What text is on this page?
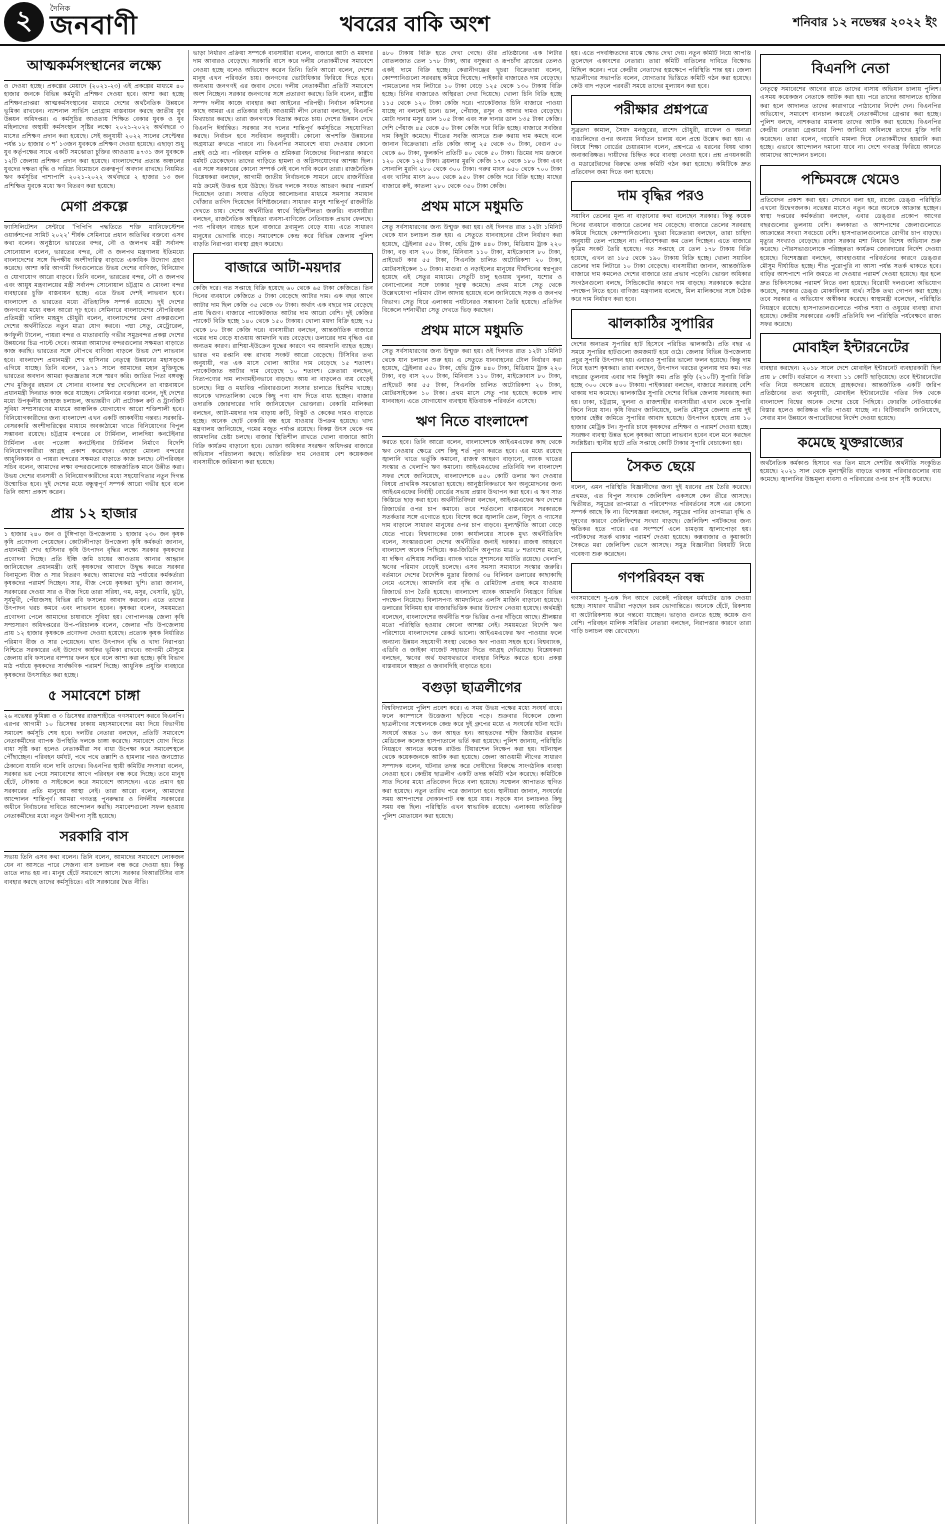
২	দৈনিক
জনবাণী	খবরের বাকি অংশ	শনিবার ১২ নভেম্বর ২০২২ ইং
আত্মকর্মসংস্থানের লক্ষ্যে

ও দেওয়া হচ্ছে। প্রকল্পের মেয়াদে (২০২১-২৩) এই প্রকল্পের মাধ্যমে ৪০ হাজার জনকে বিভিন্ন কর্মমুখী প্রশিক্ষণ দেওয়া হবে। আশা করা হচ্ছে প্রশিক্ষণপ্রাপ্তরা আত্মকর্মসংস্থানের মাধ্যমে দেশের অর্থনৈতিক উন্নয়নে ভূমিকা রাখবেন। ন্যাশনাল সার্ভিস প্রোগ্রাম বাস্তবায়ন করছে জাতীয় যুব উন্নয়ন অধিদপ্তর। এ কর্মসূচির আওতায় শিক্ষিত বেকার যুবক ও যুব মহিলাদের অস্থায়ী কর্মসংস্থান সৃষ্টির লক্ষ্যে ২০২১-২০২২ অর্থবছরে ৩ মাসের প্রশিক্ষণ প্রদান করা হয়েছে। সেই অনুযায়ী ২০২২ সালের সেপ্টেম্বর পর্যন্ত ১৮ হাজার ৩ শ' ১৩জন যুবককে প্রশিক্ষণ দেওয়া হয়েছে। এছাড়া শুধু যুব কর্তৃপক্ষের সাথে একটি সমঝোতা চুক্তির আওতায় ৪৭৩১ জন যুবককে ১২টি জেলায় প্রশিক্ষণ প্রদান করা হয়েছে। বাংলাদেশের প্রত্যন্ত অঞ্চলের যুবদের দক্ষতা বৃদ্ধি ও দারিদ্র্য বিমোচনে গুরুত্বপূর্ণ অবদান রাখছে। নিয়মিত ঋণ কর্মসূচির পাশাপাশি ২০২১-২০২২ অর্থবছরে ২ হাজার ১৩ জন প্রশিক্ষিত যুবকে মধ্যে ঋণ বিতরণ করা হয়েছে।

মেগা প্রকল্পে

ফ্যাসিলিটেশন সেন্টারে 'পিপিপি পদ্ধতিতে শক্তি ম্যানিফেস্টেশন ওয়ার্কশপের সামিট ২০২২' শীর্ষক সেমিনারে প্রধান অতিথির বক্তব্যে এসব কথা বলেন। অনুষ্ঠানে ভারতের বন্দর, নৌ ও জলপথ মন্ত্রী সর্বানন্দ সোনোয়াল বলেন, ভারতের বন্দর, নৌ ও জলপথ মন্ত্রণালয় ইতিমধ্যে বাংলাদেশের সঙ্গে দ্বিপক্ষীয় অংশীদারিত্ব বাড়াতে একাধিক উদ্যোগ গ্রহণ করেছে। আশা করি আগামী দিনগুলোতে উভয় দেশের বাণিজ্য, বিনিয়োগ ও যোগাযোগ আরো বাড়বে। তিনি বলেন, ভারতের বন্দর, নৌ ও জলপথ এবং আয়ুষ মন্ত্রণালয়ের মন্ত্রী সর্বানন্দ সোনোয়াল চট্টগ্রাম ও মোংলা বন্দর ব্যবহারের চুক্তি বাস্তবায়ন হচ্ছে। এতে উভয় দেশই লাভবান হবে। বাংলাদেশ ও ভারতের মধ্যে ঐতিহাসিক সম্পর্ক রয়েছে। দুই দেশের জনগণের মধ্যে বন্ধন আরো দৃঢ় হবে। সেমিনারে বাংলাদেশের নৌপরিবহন প্রতিমন্ত্রী খালিদ মাহমুদ চৌধুরী বলেন, বাংলাদেশের মেগা প্রকল্পগুলো দেশের অর্থনীতিতে নতুন মাত্রা যোগ করবে। পদ্মা সেতু, মেট্রোরেল, কর্ণফুলী টানেল, পায়রা বন্দর ও মাতারবাড়ি গভীর সমুদ্রবন্দর প্রকল্প দেশের উন্নয়নের চিত্র পাল্টে দেবে। আমরা আমাদের বন্দরগুলোর সক্ষমতা বাড়াতে কাজ করছি। ভারতের সঙ্গে নৌপথে বাণিজ্য বাড়লে উভয় দেশ লাভবান হবে। বাংলাদেশ প্রধানমন্ত্রী শেখ হাসিনার নেতৃত্বে উন্নয়নের মহাসড়কে এগিয়ে যাচ্ছে। তিনি বলেন, ১৯৭১ সালে আমাদের মহান মুক্তিযুদ্ধে ভারতের অবদান আমরা কৃতজ্ঞতার সঙ্গে স্মরণ করি। জাতির পিতা বঙ্গবন্ধু শেখ মুজিবুর রহমান যে সোনার বাংলার স্বপ্ন দেখেছিলেন তা বাস্তবায়নে প্রধানমন্ত্রী দিনরাত কাজ করে যাচ্ছেন। সেমিনারে বক্তারা বলেন, দুই দেশের মধ্যে উপকূলীয় জাহাজ চলাচল, অভ্যন্তরীণ নৌ প্রটোকল রুট ও ট্রানজিট সুবিধা সম্প্রসারণের মাধ্যমে আঞ্চলিক যোগাযোগ আরো শক্তিশালী হবে। বিনিয়োগকারীদের জন্য বাংলাদেশ এখন একটি আকর্ষণীয় গন্তব্য। সরকারি-বেসরকারি অংশীদারিত্বের মাধ্যমে অবকাঠামো খাতে বিনিয়োগের বিপুল সম্ভাবনা রয়েছে। চট্টগ্রাম বন্দরের বে টার্মিনাল, লালদিয়া কনটেইনার টার্মিনাল এবং পতেঙ্গা কনটেইনার টার্মিনাল নির্মাণে বিদেশি বিনিয়োগকারীরা আগ্রহ প্রকাশ করেছেন। এছাড়া মোংলা বন্দরের আধুনিকায়ন ও পায়রা বন্দরের সক্ষমতা বাড়াতে কাজ চলছে। নৌপরিবহন সচিব বলেন, আমাদের লক্ষ্য বন্দরগুলোকে আন্তর্জাতিক মানে উন্নীত করা। উভয় দেশের ব্যবসায়ী ও বিনিয়োগকারীদের মধ্যে সহযোগিতার নতুন দিগন্ত উন্মোচিত হবে। দুই দেশের মধ্যে বন্ধুত্বপূর্ণ সম্পর্ক আরো গভীর হবে বলে তিনি আশা প্রকাশ করেন।

প্রায় ১২ হাজার

১ হাজার ২৪০ জন ও টুঙ্গিপাড়া উপজেলায় ১ হাজার ২৩০ জন কৃষক কৃষি প্রণোদনা পেয়েছেন। কোটালীপাড়া উপজেলা কৃষি কর্মকর্তা জানান, প্রধানমন্ত্রী শেখ হাসিনার কৃষি উৎপাদন বৃদ্ধির লক্ষ্যে সরকার কৃষকদের প্রণোদনা দিচ্ছে। প্রতি ইঞ্চি জমি চাষের আওতায় আনার আহ্বান জানিয়েছেন প্রধানমন্ত্রী। তাই কৃষকদের আবাদে উদ্বুদ্ধ করতে সরকার বিনামূল্যে বীজ ও সার বিতরণ করছে। আমাদের মাঠ পর্যায়ের কর্মকর্তারা কৃষকদের পরামর্শ দিচ্ছেন। সার, বীজ পেয়ে কৃষকরা খুশি। তারা জানান, সরকারের দেওয়া সার ও বীজ দিয়ে তারা সরিষা, গম, মসুর, খেসারি, ভুট্টা, সূর্যমুখী, পেঁয়াজসহ বিভিন্ন রবি ফসলের আবাদ করবেন। এতে তাদের উৎপাদন খরচ কমবে এবং লাভবান হবেন। কৃষকরা বলেন, সময়মতো প্রণোদনা পেলে আমাদের চাষাবাদে সুবিধা হয়। গোপালগঞ্জ জেলা কৃষি সম্প্রসারণ অধিদপ্তরের উপ-পরিচালক বলেন, জেলার পাঁচ উপজেলায় প্রায় ১২ হাজার কৃষককে প্রণোদনা দেওয়া হয়েছে। প্রত্যেক কৃষক নির্ধারিত পরিমাণ বীজ ও সার পেয়েছেন। খাদ্য উৎপাদন বৃদ্ধি ও খাদ্য নিরাপত্তা নিশ্চিতে সরকারের এই উদ্যোগ কার্যকর ভূমিকা রাখবে। আগামী মৌসুমে জেলায় রবি ফসলের বাম্পার ফলন হবে বলে আশা করা হচ্ছে। কৃষি বিভাগ মাঠ পর্যায়ে কৃষকদের সার্বক্ষণিক পরামর্শ দিচ্ছে। আধুনিক প্রযুক্তি ব্যবহারে কৃষকদের উৎসাহিত করা হচ্ছে।

৫ সমাবেশে চাঙ্গা

২৬ নভেম্বর কুমিল্লা ও ৩ ডিসেম্বর রাজশাহীতে গণসমাবেশ করবে বিএনপি। এরপর আগামী ১০ ডিসেম্বর ঢাকায় মহাসমাবেশের মধ্য দিয়ে বিভাগীয় সমাবেশ কর্মসূচি শেষ হবে। দলটির নেতারা বলছেন, প্রতিটি সমাবেশে নেতাকর্মীদের ব্যাপক উপস্থিতি দলকে চাঙ্গা করেছে। সমাবেশে যোগ দিতে বাধা সৃষ্টি করা হলেও নেতাকর্মীরা সব বাধা উপেক্ষা করে সমাবেশস্থলে পৌঁছাচ্ছেন। পরিবহন ধর্মঘট, পথে পথে তল্লাশি ও হামলার পরও জনস্রোত ঠেকানো যায়নি বলে দাবি তাদের। বিএনপির স্থায়ী কমিটির সদস্যরা বলেন, সরকার ভয় পেয়ে সমাবেশের আগে পরিবহন বন্ধ করে দিচ্ছে। তবে মানুষ হেঁটে, নৌকায় ও সাইকেলে করে সমাবেশে আসছেন। এতে প্রমাণ হয় সরকারের প্রতি মানুষের আস্থা নেই। তারা আরো বলেন, আমাদের আন্দোলন শান্তিপূর্ণ। আমরা গণতন্ত্র পুনরুদ্ধার ও নির্দলীয় সরকারের অধীনে নির্বাচনের দাবিতে আন্দোলন করছি। সমাবেশগুলো সফল হওয়ায় নেতাকর্মীদের মধ্যে নতুন উদ্দীপনা সৃষ্টি হয়েছে।

সরকারি বাস

সভায় তিনি এসব কথা বলেন। তিনি বলেন, আমাদের সমাবেশে লোকজন যেন না আসতে পারে সেজন্য বাস চলাচল বন্ধ করে দেওয়া হয়। কিন্তু তাতে লাভ হয় না। মানুষ হেঁটে সমাবেশে আসে। সরকার বিআরটিসির বাস ব্যবহার করছে তাদের কর্মসূচিতে। এটা সরকারের দ্বৈত নীতি।

ভাড়া নির্ধারণ প্রক্রিয়া সম্পর্কে ব্যবসায়ীরা বলেন, বাজারে আটা ও ময়দার দাম আবারও বেড়েছে। সরকারি বাসে করে দলীয় নেতাকর্মীদের সমাবেশে নেওয়া হচ্ছে বলেও অভিযোগ করেন তিনি। তিনি আরো বলেন, দেশের মানুষ এখন পরিবর্তন চায়। জনগণের ভোটাধিকার ফিরিয়ে দিতে হবে। অন্যথায় জনগণই এর জবাব দেবে। দলীয় নেতাকর্মীরা প্রতিটি সমাবেশে অংশ নিচ্ছেন। সরকার জনগণের সঙ্গে প্রতারণা করছে। তিনি বলেন, রাষ্ট্রীয় সম্পদ দলীয় কাজে ব্যবহার করা আইনের পরিপন্থী। নির্বাচন কমিশনের কাছে আমরা এর প্রতিকার চাই। আওয়ামী লীগ নেতারা বলছেন, বিএনপি মিথ্যাচার করছে। তারা জনগণকে বিভ্রান্ত করতে চায়। দেশের উন্নয়ন দেখে বিএনপি ঈর্ষান্বিত। সরকার সব দলের শান্তিপূর্ণ কর্মসূচিতে সহযোগিতা করছে। নির্বাচন হবে সংবিধান অনুযায়ী। কোনো অপশক্তি উন্নয়নের অগ্রযাত্রা রুখতে পারবে না। বিএনপির সমাবেশে বাধা দেওয়ার কোনো প্রশ্নই ওঠে না। পরিবহন মালিক ও শ্রমিকরা নিজেদের নিরাপত্তার কারণে ধর্মঘট ডেকেছেন। তাদের গাড়িতে হামলা ও অগ্নিসংযোগের আশঙ্কা ছিল। এর সঙ্গে সরকারের কোনো সম্পর্ক নেই বলে দাবি করেন তারা। রাজনৈতিক বিশ্লেষকরা বলছেন, আগামী জাতীয় নির্বাচনকে সামনে রেখে রাজনীতির মাঠ ক্রমেই উত্তপ্ত হয়ে উঠছে। উভয় দলকে সংযত আচরণ করার পরামর্শ দিয়েছেন তারা। সংঘাত এড়িয়ে আলোচনার মাধ্যমে সমস্যার সমাধান খোঁজার তাগিদ দিয়েছেন বিশিষ্টজনেরা। সাধারণ মানুষ শান্তিপূর্ণ রাজনীতি দেখতে চায়। দেশের অর্থনীতির স্বার্থে স্থিতিশীলতা জরুরি। ব্যবসায়ীরা বলছেন, রাজনৈতিক অস্থিরতা ব্যবসা-বাণিজ্যে নেতিবাচক প্রভাব ফেলছে। পণ্য পরিবহন ব্যাহত হলে বাজারে দ্রব্যমূল্য বেড়ে যায়। এতে সাধারণ মানুষের ভোগান্তি বাড়ে। সমাবেশকে কেন্দ্র করে বিভিন্ন জেলায় পুলিশ বাড়তি নিরাপত্তা ব্যবস্থা গ্রহণ করেছে।

বাজারে আটা-ময়দার

কেজি দরে। গত সপ্তাহে বিক্রি হয়েছে ৬০ থেকে ৬৫ টাকা কেজিতে। তিন দিনের ব্যবধানে কেজিতে ৫ টাকা বেড়েছে আটার দাম। এক বছর আগে আটার দাম ছিল কেজি ৩৫ থেকে ৩৮ টাকা। অর্থাৎ এক বছরে দাম বেড়েছে প্রায় দ্বিগুণ। বাজারে প্যাকেটজাত আটার দাম আরো বেশি। দুই কেজির প্যাকেট বিক্রি হচ্ছে ১৪০ থেকে ১৫০ টাকায়। খোলা ময়দা বিক্রি হচ্ছে ৭৫ থেকে ৮০ টাকা কেজি দরে। ব্যবসায়ীরা বলছেন, আন্তর্জাতিক বাজারে গমের দাম বেড়ে যাওয়ায় আমদানি খরচ বেড়েছে। ডলারের দাম বৃদ্ধিও এর অন্যতম কারণ। রাশিয়া-ইউক্রেন যুদ্ধের কারণে গম আমদানি ব্যাহত হচ্ছে। ভারত গম রপ্তানি বন্ধ রাখায় সংকট আরো বেড়েছে। টিসিবির তথ্য অনুযায়ী, গত এক মাসে খোলা আটার দাম বেড়েছে ১৫ শতাংশ। প্যাকেটজাত আটার দাম বেড়েছে ১০ শতাংশ। ক্রেতারা বলছেন, নিত্যপণ্যের দাম লাগামহীনভাবে বাড়ছে। আয় না বাড়লেও ব্যয় বেড়েই চলেছে। নিম্ন ও মধ্যবিত্ত পরিবারগুলো সংসার চালাতে হিমশিম খাচ্ছে। অনেকে খাদ্যতালিকা থেকে কিছু পণ্য বাদ দিতে বাধ্য হচ্ছেন। বাজার তদারকি জোরদারের দাবি জানিয়েছেন ভোক্তারা। বেকারি মালিকরা বলছেন, আটা-ময়দার দাম বাড়ায় রুটি, বিস্কুট ও কেকের দামও বাড়াতে হচ্ছে। অনেক ছোট বেকারি বন্ধ হয়ে যাওয়ার উপক্রম হয়েছে। খাদ্য মন্ত্রণালয় জানিয়েছে, গমের মজুত পর্যাপ্ত রয়েছে। বিকল্প উৎস থেকে গম আমদানির চেষ্টা চলছে। বাজার স্থিতিশীল রাখতে খোলা বাজারে আটা বিক্রি কার্যক্রম বাড়ানো হবে। ভোক্তা অধিকার সংরক্ষণ অধিদপ্তর বাজারে অভিযান পরিচালনা করছে। অতিরিক্ত দাম নেওয়ায় বেশ কয়েকজন ব্যবসায়ীকে জরিমানা করা হয়েছে।

৪৮০ টাকায় বিক্রি হতে দেখা গেছে। তীর প্রতিষ্ঠানের এক লিটার বোতলজাত তেল ১৭৮ টাকা, আর বসুন্ধরা ও রূপচাঁদা ব্র্যান্ডের তেলও একই দামে বিক্রি হচ্ছে। কেরানীগঞ্জের খুচরা বিক্রেতারা বলেন, কোম্পানিগুলো সরবরাহ কমিয়ে দিয়েছে। পাইকারি বাজারেও দাম বেড়েছে। পামতেলের দাম লিটারে ১০ টাকা বেড়ে ১২৫ থেকে ১৩০ টাকায় বিক্রি হচ্ছে। চিনির বাজারেও অস্থিরতা দেখা দিয়েছে। খোলা চিনি বিক্রি হচ্ছে ১১৫ থেকে ১২০ টাকা কেজি দরে। প্যাকেটজাত চিনি বাজারে পাওয়া যাচ্ছে না বললেই চলে। ডাল, পেঁয়াজ, রসুন ও আদার দামও বেড়েছে। মোটা দানার মসুর ডাল ১০৫ টাকা এবং সরু দানার ডাল ১৩৫ টাকা কেজি। দেশি পেঁয়াজ ৪৫ থেকে ৫০ টাকা কেজি দরে বিক্রি হচ্ছে। বাজারে সবজির দাম কিছুটা কমেছে। শীতের সবজি আসতে শুরু করায় দাম কমছে বলে জানান বিক্রেতারা। প্রতি কেজি আলু ২৫ থেকে ৩০ টাকা, বেগুন ৫০ থেকে ৬০ টাকা, ফুলকপি প্রতিটি ৪০ থেকে ৫০ টাকা। ডিমের দাম ডজনে ১২০ থেকে ১২৫ টাকা। ব্রয়লার মুরগি কেজি ১৭০ থেকে ১৮০ টাকা এবং সোনালি মুরগি ২৮০ থেকে ৩০০ টাকা। গরুর মাংস ৬৫০ থেকে ৭০০ টাকা এবং খাসির মাংস ৯০০ থেকে ৯৫০ টাকা কেজি দরে বিক্রি হচ্ছে। মাছের বাজারে রুই, কাতলা ২৮০ থেকে ৩৫০ টাকা কেজি।

প্রথম মাসে মধুমতি

সেতু সর্বসাধারণের জন্য উন্মুক্ত করা হয়। ওই দিনগত রাত ১২টা ১মিনিট থেকে যান চলাচল শুরু হয়। এ সেতুতে যানবাহনের টোল নির্ধারণ করা হয়েছে, ট্রেইলার ৫৫০ টাকা, হেভি ট্রাক ৪৪০ টাকা, মিডিয়াম ট্রাক ২২০ টাকা, বড় বাস ২০০ টাকা, মিনিবাস ১১০ টাকা, মাইক্রোবাস ৮০ টাকা, প্রাইভেট কার ৫৫ টাকা, সিএনজি চালিত অটোরিকশা ২০ টাকা, মোটরসাইকেল ১০ টাকা। মাগুরা ও নড়াইলের মানুষের দীর্ঘদিনের স্বপ্নপূরণ হয়েছে এই সেতুর মাধ্যমে। সেতুটি চালু হওয়ায় খুলনা, যশোর ও বেনাপোলের সঙ্গে ঢাকার দূরত্ব কমেছে। প্রথম মাসে সেতু থেকে উল্লেখযোগ্য পরিমাণ টোল আদায় হয়েছে বলে জানিয়েছে সড়ক ও জনপথ বিভাগ। সেতু ঘিরে এলাকায় পর্যটনেরও সম্ভাবনা তৈরি হয়েছে। প্রতিদিন বিকেলে দর্শনার্থীরা সেতু দেখতে ভিড় করছেন।

প্রথম মাসে মধুমতি

সেতু সর্বসাধারণের জন্য উন্মুক্ত করা হয়। ওই দিনগত রাত ১২টা ১মিনিট থেকে যান চলাচল শুরু হয়। এ সেতুতে যানবাহনের টোল নির্ধারণ করা হয়েছে, ট্রেইলার ৫৫০ টাকা, হেভি ট্রাক ৪৪০ টাকা, মিডিয়াম ট্রাক ২২০ টাকা, বড় বাস ২০০ টাকা, মিনিবাস ১১০ টাকা, মাইক্রোবাস ৮০ টাকা, প্রাইভেট কার ৫৫ টাকা, সিএনজি চালিত অটোরিকশা ২০ টাকা, মোটরসাইকেল ১০ টাকা। প্রথম মাসে সেতু পার হয়েছে কয়েক লাখ যানবাহন। এতে যোগাযোগ ব্যবস্থায় ইতিবাচক পরিবর্তন এসেছে।

ঋণ নিতে বাংলাদেশ

করতে হবে। তিনি আরো বলেন, বাংলাদেশকে আইএমএফের কাছ থেকে ঋণ নেওয়ার ক্ষেত্রে বেশ কিছু শর্ত পূরণ করতে হবে। এর মধ্যে রয়েছে জ্বালানি খাতে ভর্তুকি কমানো, রাজস্ব আহরণ বাড়ানো, ব্যাংক খাতের সংস্কার ও খেলাপি ঋণ কমানো। আইএমএফের প্রতিনিধি দল বাংলাদেশ সফর শেষে জানিয়েছে, বাংলাদেশকে ৪৫০ কোটি ডলার ঋণ দেওয়ার বিষয়ে প্রাথমিক সমঝোতা হয়েছে। আনুষ্ঠানিকভাবে ঋণ অনুমোদনের জন্য আইএমএফের নির্বাহী বোর্ডের সভায় প্রস্তাব উত্থাপন করা হবে। এ ঋণ সাত কিস্তিতে ছাড় করা হবে। অর্থনীতিবিদরা বলছেন, আইএমএফের ঋণ দেশের রিজার্ভের ওপর চাপ কমাবে। তবে শর্তগুলো বাস্তবায়নে সরকারকে সতর্কতার সঙ্গে এগোতে হবে। বিশেষ করে জ্বালানি তেল, বিদ্যুৎ ও গ্যাসের দাম বাড়ালে সাধারণ মানুষের ওপর চাপ বাড়বে। মূল্যস্ফীতি আরো বেড়ে যেতে পারে। বিশ্বব্যাংকের ঢাকা কার্যালয়ের সাবেক মুখ্য অর্থনীতিবিদ বলেন, সংস্কারগুলো দেশের অর্থনীতির জন্যই দরকার। রাজস্ব আহরণে বাংলাদেশ অনেক পিছিয়ে। কর-জিডিপি অনুপাত মাত্র ৮ শতাংশের মতো, যা দক্ষিণ এশিয়ায় সর্বনিম্ন। ব্যাংক খাতে সুশাসনের ঘাটতি রয়েছে। খেলাপি ঋণের পরিমাণ বেড়েই চলেছে। এসব সমস্যা সমাধানে সংস্কার জরুরি। বর্তমানে দেশের বৈদেশিক মুদ্রার রিজার্ভ ৩৪ বিলিয়ন ডলারের কাছাকাছি নেমে এসেছে। আমদানি ব্যয় বৃদ্ধি ও রেমিট্যান্স প্রবাহ কমে যাওয়ায় রিজার্ভে চাপ তৈরি হয়েছে। বাংলাদেশ ব্যাংক আমদানি নিয়ন্ত্রণে বিভিন্ন পদক্ষেপ নিয়েছে। বিলাসপণ্য আমদানিতে এলসি মার্জিন বাড়ানো হয়েছে। ডলারের বিনিময় হার বাজারভিত্তিক করার উদ্যোগ নেওয়া হয়েছে। অর্থমন্ত্রী বলেছেন, বাংলাদেশের অর্থনীতি শক্ত ভিত্তির ওপর দাঁড়িয়ে আছে। শ্রীলঙ্কার মতো পরিস্থিতি হওয়ার কোনো আশঙ্কা নেই। সময়মতো বিদেশি ঋণ পরিশোধে বাংলাদেশের রেকর্ড ভালো। আইএমএফের ঋণ পাওয়ার ফলে অন্যান্য উন্নয়ন সহযোগী সংস্থা থেকেও ঋণ পাওয়া সহজ হবে। বিশ্বব্যাংক, এডিবি ও জাইকা বাজেট সহায়তা দিতে আগ্রহ দেখিয়েছে। বিশ্লেষকরা বলছেন, ঋণের অর্থ যথাযথভাবে ব্যবহার নিশ্চিত করতে হবে। প্রকল্প বাস্তবায়নে স্বচ্ছতা ও জবাবদিহি বাড়াতে হবে।

বগুড়া ছাত্রলীগের

বিশ্ববিদ্যালয়ে পুলিশ প্রবেশ করে। এ সময় উভয় পক্ষের মধ্যে সংঘর্ষ বাধে। ফলে ক্যাম্পাসে উত্তেজনা ছড়িয়ে পড়ে। শুক্রবার বিকেলে জেলা ছাত্রলীগের সম্মেলনকে কেন্দ্র করে দুই গ্রুপের মধ্যে এ সংঘর্ষের ঘটনা ঘটে। সংঘর্ষে অন্তত ১০ জন আহত হন। আহতদের শহীদ জিয়াউর রহমান মেডিকেল কলেজ হাসপাতালে ভর্তি করা হয়েছে। পুলিশ জানায়, পরিস্থিতি নিয়ন্ত্রণে আনতে কয়েক রাউন্ড টিয়ারশেল নিক্ষেপ করা হয়। ঘটনাস্থল থেকে কয়েকজনকে আটক করা হয়েছে। জেলা আওয়ামী লীগের সাধারণ সম্পাদক বলেন, ঘটনার তদন্ত করে দোষীদের বিরুদ্ধে সাংগঠনিক ব্যবস্থা নেওয়া হবে। কেন্দ্রীয় ছাত্রলীগ একটি তদন্ত কমিটি গঠন করেছে। কমিটিকে সাত দিনের মধ্যে প্রতিবেদন দিতে বলা হয়েছে। সম্মেলন আপাতত স্থগিত করা হয়েছে। নতুন তারিখ পরে জানানো হবে। স্থানীয়রা জানান, সংঘর্ষের সময় আশপাশের দোকানপাট বন্ধ হয়ে যায়। সড়কে যান চলাচলও কিছু সময় বন্ধ ছিল। পরিস্থিতি এখন স্বাভাবিক রয়েছে। এলাকায় অতিরিক্ত পুলিশ মোতায়েন করা হয়েছে।

হয়। এতে পদবঞ্চিতদের মাঝে ক্ষোভ দেখা দেয়। নতুন কমিটি নিয়ে আপত্তি তুলেছেন একাংশের নেতারা। তারা কমিটি বাতিলের দাবিতে বিক্ষোভ মিছিল করেন। পরে কেন্দ্রীয় নেতাদের হস্তক্ষেপে পরিস্থিতি শান্ত হয়। জেলা ছাত্রলীগের সভাপতি বলেন, যোগ্যতার ভিত্তিতে কমিটি গঠন করা হয়েছে। কেউ বাদ পড়লে পরবর্তী সময়ে তাদের মূল্যায়ন করা হবে।

পরীক্ষার প্রশ্নপত্রে

সুব্রতদা কামাল, সৈয়দ মনজুরের, রাশেদ চৌধুরী, রাফেল ও অন্যরা বাঙালিদের ওপর অন্যায় নির্যাতন চালায় বলে প্রশ্নে উল্লেখ করা হয়। এ বিষয়ে শিক্ষা বোর্ডের চেয়ারম্যান বলেন, প্রশ্নপত্রে এ ধরনের বিষয় থাকা অনাকাঙ্ক্ষিত। দায়ীদের চিহ্নিত করে ব্যবস্থা নেওয়া হবে। প্রশ্ন প্রণয়নকারী ও মডারেটরদের বিরুদ্ধে তদন্ত কমিটি গঠন করা হয়েছে। কমিটিকে দ্রুত প্রতিবেদন জমা দিতে বলা হয়েছে।

দাম বৃদ্ধির পরও

সয়াবিন তেলের মূল্য না বাড়ানোর কথা বলেছেন সরকার। কিন্তু কয়েক দিনের ব্যবধানে বাজারে তেলের দাম বেড়েছে। বাজারে তেলের সরবরাহ কমিয়ে দিয়েছে কোম্পানিগুলো। খুচরা বিক্রেতারা বলছেন, তারা চাহিদা অনুযায়ী তেল পাচ্ছেন না। পরিবেশকরা কম তেল দিচ্ছেন। এতে বাজারে কৃত্রিম সংকট তৈরি হয়েছে। গত সপ্তাহে যে তেল ১৭৮ টাকায় বিক্রি হয়েছে, এখন তা ১৮৫ থেকে ১৯০ টাকায় বিক্রি হচ্ছে। খোলা সয়াবিন তেলের দাম লিটারে ১০ টাকা বেড়েছে। ব্যবসায়ীরা জানান, আন্তর্জাতিক বাজারে দাম কমলেও দেশের বাজারে তার প্রভাব পড়েনি। ভোক্তা অধিকার সংগঠনগুলো বলছে, সিন্ডিকেটের কারণে দাম বাড়ছে। সরকারকে কঠোর পদক্ষেপ নিতে হবে। বাণিজ্য মন্ত্রণালয় বলেছে, মিল মালিকদের সঙ্গে বৈঠক করে দাম নির্ধারণ করা হবে।

ঝালকাঠির সুপারির

দেশের অন্যতম সুপারির হাট হিসেবে পরিচিত ঝালকাঠি। প্রতি বছর এ সময়ে সুপারির হাটগুলো জমজমাট হয়ে ওঠে। জেলার বিভিন্ন উপজেলায় প্রচুর সুপারি উৎপাদন হয়। এবারও সুপারির ভালো ফলন হয়েছে। কিন্তু দাম নিয়ে হতাশ কৃষকরা। তারা বলছেন, উৎপাদন খরচের তুলনায় দাম কম। গত বছরের তুলনায় এবার দাম কিছুটা কম। প্রতি কুড়ি (২১০টি) সুপারি বিক্রি হচ্ছে ৩০০ থেকে ৪০০ টাকায়। পাইকাররা বলছেন, বাজারে সরবরাহ বেশি থাকায় দাম কমেছে। ঝালকাঠির সুপারি দেশের বিভিন্ন জেলায় সরবরাহ করা হয়। ঢাকা, চট্টগ্রাম, খুলনা ও রাজশাহীর ব্যবসায়ীরা এখান থেকে সুপারি কিনে নিয়ে যান। কৃষি বিভাগ জানিয়েছে, চলতি মৌসুমে জেলায় প্রায় দুই হাজার হেক্টর জমিতে সুপারির আবাদ হয়েছে। উৎপাদন হয়েছে প্রায় ১০ হাজার মেট্রিক টন। সুপারি চাষে কৃষকদের প্রশিক্ষণ ও পরামর্শ দেওয়া হচ্ছে। সংরক্ষণ ব্যবস্থা উন্নত হলে কৃষকরা আরো লাভবান হবেন বলে মনে করছেন সংশ্লিষ্টরা। স্থানীয় হাটে প্রতি সপ্তাহে কোটি টাকার সুপারি বেচাকেনা হয়।

সৈকত ছেয়ে

বলেন, এমন পরিস্থিতি বিজ্ঞানীদের জন্য দুই ধরনের প্রশ্ন তৈরি করেছে। প্রথমত, এত বিপুল সংখ্যক জেলিফিশ একসঙ্গে কেন তীরে আসছে। দ্বিতীয়ত, সমুদ্রের তাপমাত্রা ও পরিবেশগত পরিবর্তনের সঙ্গে এর কোনো সম্পর্ক আছে কি না। বিশেষজ্ঞরা বলছেন, সমুদ্রের পানির তাপমাত্রা বৃদ্ধি ও দূষণের কারণে জেলিফিশের সংখ্যা বাড়ছে। জেলিফিশ পর্যটকদের জন্য ক্ষতিকর হতে পারে। এর সংস্পর্শে এলে চামড়ায় জ্বালাপোড়া হয়। পর্যটকদের সতর্ক থাকার পরামর্শ দেওয়া হয়েছে। কক্সবাজার ও কুয়াকাটা সৈকতে মরা জেলিফিশ ভেসে আসছে। সমুদ্র বিজ্ঞানীরা বিষয়টি নিয়ে গবেষণা শুরু করেছেন।

গণপরিবহন বন্ধ

গণসমাবেশে দু-এক দিন আগে থেকেই পরিবহন ধর্মঘটের ডাক দেওয়া হচ্ছে। সাধারণ যাত্রীরা পড়ছেন চরম ভোগান্তিতে। অনেকে হেঁটে, রিকশায় বা অটোরিকশায় করে গন্তব্যে যাচ্ছেন। ভাড়াও গুনতে হচ্ছে কয়েক গুণ বেশি। পরিবহন মালিক সমিতির নেতারা বলছেন, নিরাপত্তার কারণে তারা গাড়ি চলাচল বন্ধ রেখেছেন।

বিএনপি নেতা

নেতৃত্বে সমাবেশের আগের রাতে তাদের বাসায় অভিযান চালায় পুলিশ। এসময় কয়েকজন নেতাকে আটক করা হয়। পরে তাদের আদালতে হাজির করা হলে আদালত তাদের কারাগারে পাঠানোর নির্দেশ দেন। বিএনপির অভিযোগ, সমাবেশ বানচাল করতেই নেতাকর্মীদের গ্রেপ্তার করা হচ্ছে। পুলিশ বলছে, নাশকতার মামলায় তাদের আটক করা হয়েছে। বিএনপির কেন্দ্রীয় নেতারা গ্রেপ্তারের নিন্দা জানিয়ে অবিলম্বে তাদের মুক্তি দাবি করেছেন। তারা বলেন, গায়েবি মামলা দিয়ে নেতাকর্মীদের হয়রানি করা হচ্ছে। এভাবে আন্দোলন দমানো যাবে না। দেশে গণতন্ত্র ফিরিয়ে আনতে আমাদের আন্দোলন চলবে।

পশ্চিমবঙ্গে থেমেও

প্রতিবেদন প্রকাশ করা হয়। সেখানে বলা হয়, রাজ্যে ডেঙ্গু পরিস্থিতি এখনো উদ্বেগজনক। নভেম্বর মাসেও নতুন করে অনেকে আক্রান্ত হচ্ছেন। স্বাস্থ্য দপ্তরের কর্মকর্তারা বলছেন, এবার ডেঙ্গুর প্রকোপ আগের বছরগুলোর তুলনায় বেশি। কলকাতা ও আশপাশের জেলাগুলোতে আক্রান্তের সংখ্যা সবচেয়ে বেশি। হাসপাতালগুলোতে রোগীর চাপ বাড়ছে। মৃত্যুর সংখ্যাও বেড়েছে। রাজ্য সরকার মশা নিধনে বিশেষ অভিযান শুরু করেছে। পৌরসভাগুলোকে পরিচ্ছন্নতা কার্যক্রম জোরদারের নির্দেশ দেওয়া হয়েছে। বিশেষজ্ঞরা বলছেন, আবহাওয়ার পরিবর্তনের কারণে ডেঙ্গুর মৌসুম দীর্ঘায়িত হচ্ছে। শীত পুরোপুরি না আসা পর্যন্ত সতর্ক থাকতে হবে। বাড়ির আশপাশে পানি জমতে না দেওয়ার পরামর্শ দেওয়া হয়েছে। জ্বর হলে দ্রুত চিকিৎসকের পরামর্শ নিতে বলা হয়েছে। বিরোধী দলগুলো অভিযোগ করেছে, সরকার ডেঙ্গু মোকাবিলায় ব্যর্থ। সঠিক তথ্য গোপন করা হচ্ছে। তবে সরকার এ অভিযোগ অস্বীকার করেছে। স্বাস্থ্যমন্ত্রী বলেছেন, পরিস্থিতি নিয়ন্ত্রণে রয়েছে। হাসপাতালগুলোতে পর্যাপ্ত শয্যা ও ওষুধের ব্যবস্থা রাখা হয়েছে। কেন্দ্রীয় সরকারের একটি প্রতিনিধি দল পরিস্থিতি পর্যবেক্ষণে রাজ্য সফর করেছে।

মোবাইল ইন্টারনেটের

ব্যবহার করছেন। ২০১৮ সালে দেশে মোবাইল ইন্টারনেট ব্যবহারকারী ছিল প্রায় ৮ কোটি। বর্তমানে এ সংখ্যা ১১ কোটি ছাড়িয়েছে। তবে ইন্টারনেটের গতি নিয়ে অসন্তোষ রয়েছে গ্রাহকদের। আন্তর্জাতিক একটি জরিপ প্রতিষ্ঠানের তথ্য অনুযায়ী, মোবাইল ইন্টারনেটের গতির দিক থেকে বাংলাদেশ বিশ্বের অনেক দেশের চেয়ে পিছিয়ে। ফোরজি নেটওয়ার্কের বিস্তার হলেও কাঙ্ক্ষিত গতি পাওয়া যাচ্ছে না। বিটিআরসি জানিয়েছে, সেবার মান উন্নয়নে অপারেটরদের নির্দেশ দেওয়া হয়েছে।

কমেছে যুক্তরাজ্যের

অর্থনৈতিক কর্মকাণ্ড হিসাবে গত তিন মাসে দেশটির অর্থনীতি সংকুচিত হয়েছে। ২০২১ সাল থেকে মূল্যস্ফীতি বাড়তে থাকায় পরিবারগুলোর ব্যয় কমেছে। জ্বালানির উচ্চমূল্য ব্যবসা ও পরিবারের ওপর চাপ সৃষ্টি করেছে।
